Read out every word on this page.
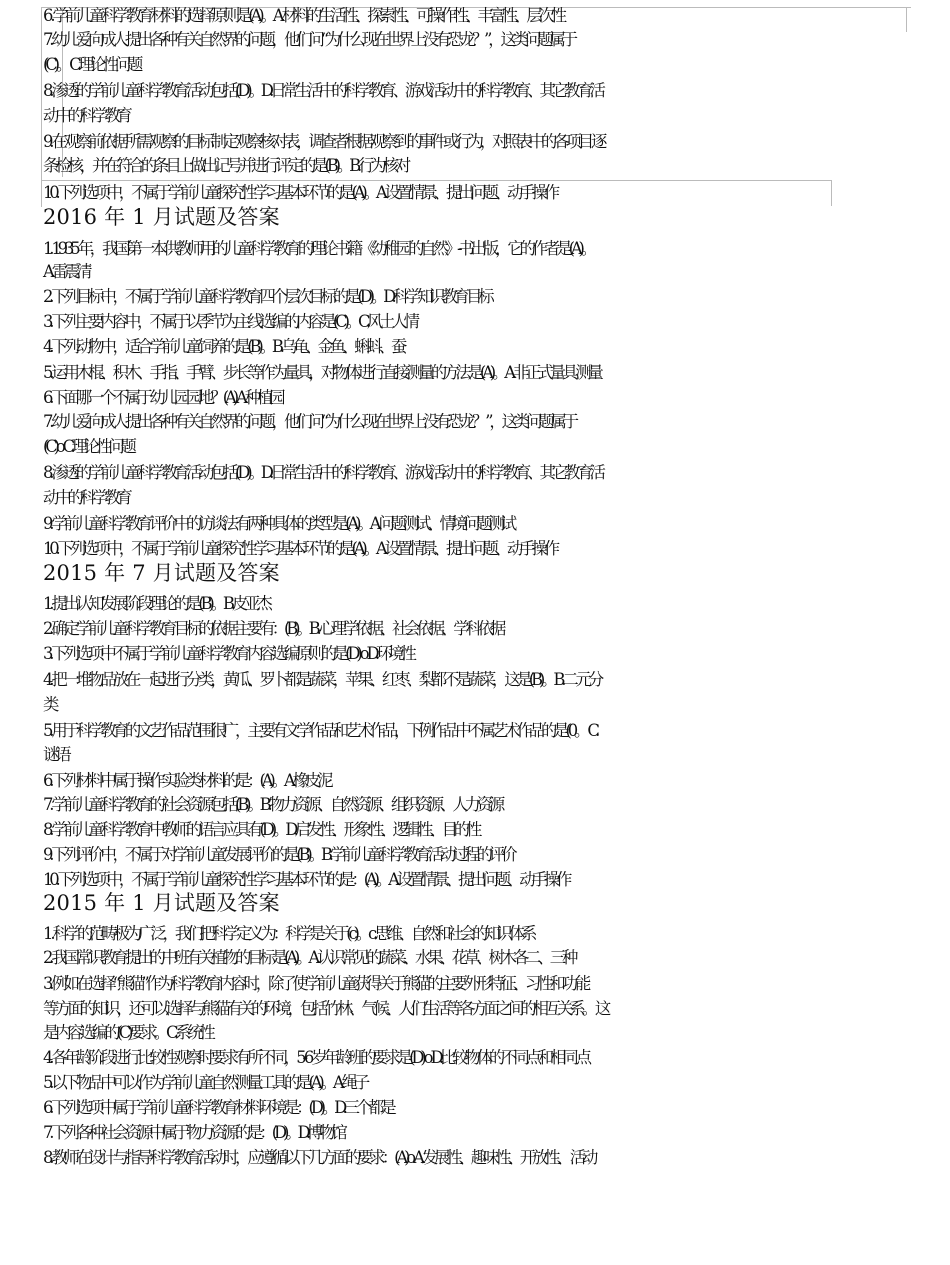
6 . 学前儿童科学教育材料的选择原则是(A)。A.材料的生活性、探索性、可操作性、丰富性、层次性
7. 幼儿爱向成人提出各种有关自然界的问题，他们问“为什么现在世界上没有恐龙？”，这类问题属于
(C)。 C.理论性问题
8. 渗透的学前儿童科学教育活动包括(D)。D.日常生活中的科学教育、游戏活动中的科学教育、其它教 育活
动中的科学教育
9. 在观察前依据所需观察的目标制定观察核对表，调查者根据观察到的事件或行为，对照表中的各项目 逐
条检核，并在符合的条目上做出记号并进行评定的是(B)。B.行为核对
10. 下列选项中，不属于学前儿童探究性学习基本环节的是(A)。A.设置情景、提出问题、动手操作
2016 年 1 月试题及答案
1. 1935 年，我国第一本供教师用的儿童科学教育的理论书籍《幼稚园的自然》-书出版，它的作者是(A)。
A.雷震清
2. 下列目标中，不属于学前儿童科学教育四个层次目标的是(D)。D.科学知识教育目标
3. 下列主要内容中，不属于以季节为主线选编的内容是(C)。C.风土人情
4. 下列动物中，适合学前儿童饲养的是(B)。B.乌龟、金鱼、蝌蚪、蚕
5. 运用木棍、积木、手指、手臂、步长等作为量具，对物体进行直接测量的方法是(A)。A.非正式量具 测量
6. 下面哪一个不属于幼儿园园地？(A) A.种植园
7. 幼儿爱向成人提出各种有关自然界的问题，他们问“为什么现在世界上没有恐龙？ ”，这类问题属于
(C)o C.理论性问题
8. 渗透的学前儿童科学教育活动包括(D)。D.日常生活中的科学教育、游戏活动中的科学教育、其它教 育活
动中的科学教育
9. 学前儿童科学教育评价中的访谈法有两种具体的类型是(A)。A.问题测试、情境问题测试
10. 下列选项中，不属于学前儿童探究性学习基本环节的是(A)。A.设置情景、提出问题、动手操作
2015 年 7 月试题及答案
1. 提出认知发展阶段理论的是(B)。B.皮亚杰
2. 确定学前儿童科学教育目标的依据主要有：(B)。B. 心理学依据、社会依据、学科依据
3. 下列选项中不属于学前儿童科学教育内容选编原则的是(D) o D.环境性
4. 把一堆物品放在一起进行分类，黄瓜、罗卜都是蔬菜，苹果、红枣、梨都不是蔬菜，这是(B)。B.二 元分
类
5. 用于科学教育的文艺作品范围很广，主要有文学作品和艺术作品，下例作品中不属艺术作品的是(0。 C.
谜语
6. 下列材料中属于操作实验类材料的是：(A)。A.橡皮泥
7. 学前儿童科学教育的社会资源包括(B)。B.物力资源、自然资源、组织资源、人力资源
8. 学前儿童科学教育中教师的语言应具有(D)。D.启发性、形象性、逻辑性、目的性
9. 下列评价中，不属于对学前儿童发展评价的是(B)。B.学前儿童科学教育活动过程的评价
10. 下列选项中，不属于学前儿童探究性学习基本环节的是：(A)。A.设置情景、提出问题、动手操作
2015 年 1 月试题及答案
1 . 科学的范畴极为广泛，我们把科学定义为：科学是关于(c)。c.思维、自然和社会的知识体系
2. 我国常识教育提出的中班有关植物的目标是(A)。A.认识常见的蔬菜、水果、花草、树木各二、三种
3. 例如在选择“熊猫”作为科学教育内容时，除了使学前儿童获得关于熊猫的主要外形特征、习性和功 能
等方面的知识，还可以选择与熊猫有关的环境，包括竹林、气候、人们生活等各方面之间的相互关系。 这
是内容选编的(C)要求。C.系统性
4. 各年龄阶段进行比较性观察时要求有所不同，5-6 岁年龄班的要求是(D) o D.比较物体的不同点和相同 点
5. 以下物品中可以作为学前儿童自然测量工具的是(A)。A.绳子
6. 下列选项中属于学前儿童科学教育材料环境是：(D)。D.三个都是
7. 下列各种社会资源中属于物力资源的是：(D)。D.博物馆
8. 教师在设计与指导科学教育活动时，应遵循以下几方面的要求：(A)o A.发展性、趣味性、开放性、 活动
